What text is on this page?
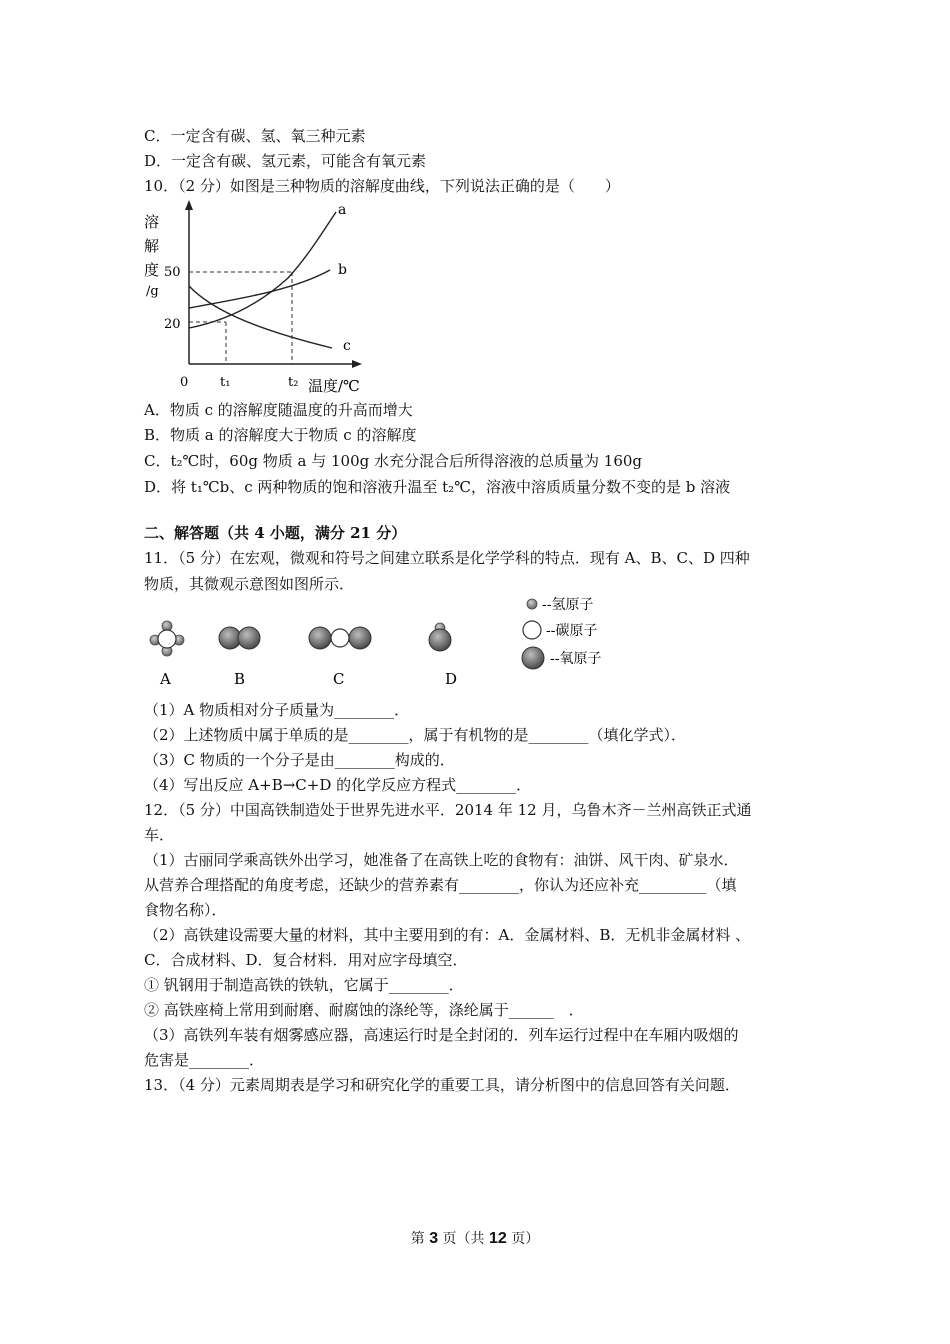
C．一定含有碳、氢、氧三种元素
D．一定含有碳、氢元素，可能含有氧元素
10．（2 分）如图是三种物质的溶解度曲线，下列说法正确的是（　　）
溶
解
度
/g
20
50
a
b
c
0 t₁	t₂ 温度/℃
A．物质 c 的溶解度随温度的升高而增大
B．物质 a 的溶解度大于物质 c 的溶解度
C．t₂℃时，60g 物质 a 与 100g 水充分混合后所得溶液的总质量为 160g
D．将 t₁℃b、c 两种物质的饱和溶液升温至 t₂℃，溶液中溶质质量分数不变的是 b 溶液
二、解答题（共 4 小题，满分 21 分）
11．（5 分）在宏观，微观和符号之间建立联系是化学学科的特点．现有 A、B、C、D 四种
物质，其微观示意图如图所示．
A	B	C	D
--氢原子
--碳原子
--氧原子
（1）A 物质相对分子质量为________．
（2）上述物质中属于单质的是________，属于有机物的是________（填化学式）．
（3）C 物质的一个分子是由________构成的．
（4）写出反应 A+B→C+D 的化学反应方程式________．
12．（5 分）中国高铁制造处于世界先进水平．2014 年 12 月，乌鲁木齐－兰州高铁正式通
车．
（1）古丽同学乘高铁外出学习，她准备了在高铁上吃的食物有：油饼、风干肉、矿泉水．
从营养合理搭配的角度考虑，还缺少的营养素有________，你认为还应补充_________（填
食物名称）．
（2）高铁建设需要大量的材料，其中主要用到的有：A．金属材料、B．无机非金属材料 、
C．合成材料、D．复合材料．用对应字母填空．
① 钒钢用于制造高铁的铁轨，它属于________．
② 高铁座椅上常用到耐磨、耐腐蚀的涤纶等，涤纶属于______　．
（3）高铁列车装有烟雾感应器，高速运行时是全封闭的．列车运行过程中在车厢内吸烟的
危害是________．
13．（4 分）元素周期表是学习和研究化学的重要工具，请分析图中的信息回答有关问题．
第 3 页（共 12 页）
